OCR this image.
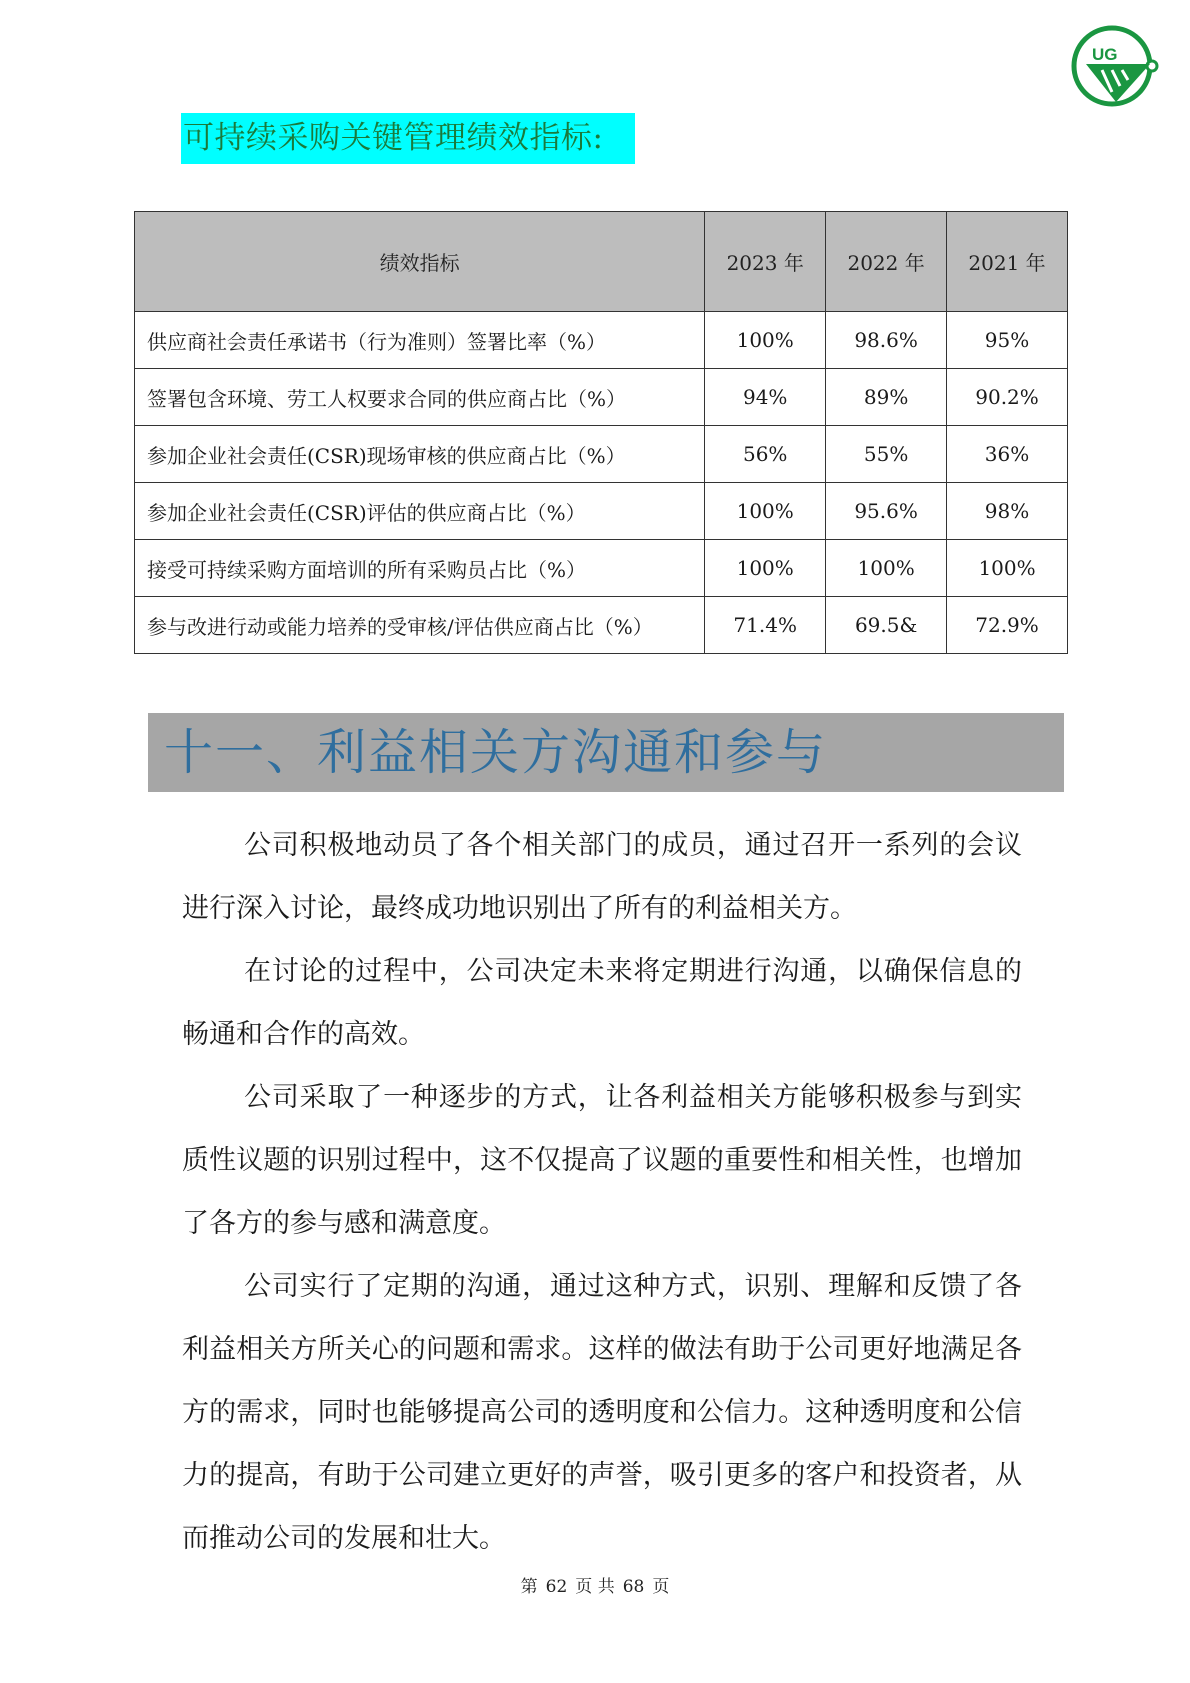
UG
可持续采购关键管理绩效指标:
绩效指标	2023 年	2022 年	2021 年
供应商社会责任承诺书（行为准则）签署比率（%）	100%	98.6%	95%
签署包含环境、劳工人权要求合同的供应商占比（%）	94%	89%	90.2%
参加企业社会责任(CSR)现场审核的供应商占比（%）	56%	55%	36%
参加企业社会责任(CSR)评估的供应商占比（%）	100%	95.6%	98%
接受可持续采购方面培训的所有采购员占比（%）	100%	100%	100%
参与改进行动或能力培养的受审核/评估供应商占比（%）	71.4%	69.5&	72.9%
十一、利益相关方沟通和参与

公司积极地动员了各个相关部门的成员，通过召开一系列的会议进行深入讨论，最终成功地识别出了所有的利益相关方。

在讨论的过程中，公司决定未来将定期进行沟通，以确保信息的畅通和合作的高效。

公司采取了一种逐步的方式，让各利益相关方能够积极参与到实质性议题的识别过程中，这不仅提高了议题的重要性和相关性，也增加了各方的参与感和满意度。

公司实行了定期的沟通，通过这种方式，识别、理解和反馈了各利益相关方所关心的问题和需求。这样的做法有助于公司更好地满足各方的需求，同时也能够提高公司的透明度和公信力。这种透明度和公信力的提高，有助于公司建立更好的声誉，吸引更多的客户和投资者，从而推动公司的发展和壮大。

第 62 页 共 68 页
